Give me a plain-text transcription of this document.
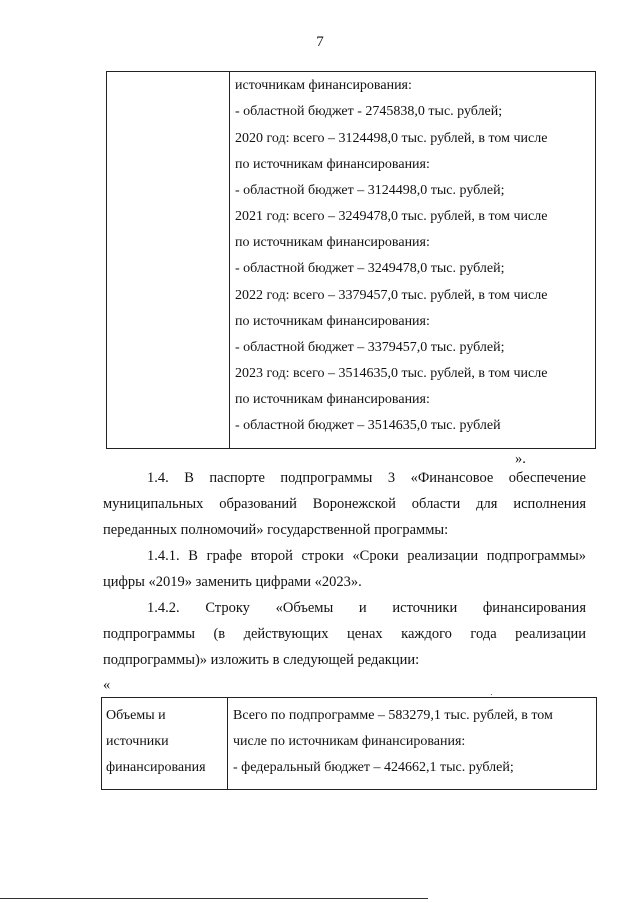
7
источникам финансирования:
- областной бюджет - 2745838,0 тыс. рублей;
2020 год: всего – 3124498,0 тыс. рублей, в том числе
по источникам финансирования:
- областной бюджет – 3124498,0 тыс. рублей;
2021 год: всего – 3249478,0 тыс. рублей, в том числе
по источникам финансирования:
- областной бюджет – 3249478,0 тыс. рублей;
2022 год: всего – 3379457,0 тыс. рублей, в том числе
по источникам финансирования:
- областной бюджет – 3379457,0 тыс. рублей;
2023 год: всего – 3514635,0 тыс. рублей, в том числе
по источникам финансирования:
- областной бюджет – 3514635,0 тыс. рублей
».
1.4. В паспорте подпрограммы 3 «Финансовое обеспечение
муниципальных образований Воронежской области для исполнения
переданных полномочий» государственной программы:
1.4.1. В графе второй строки «Сроки реализации подпрограммы»
цифры «2019» заменить цифрами «2023».
1.4.2. Строку «Объемы и источники финансирования
подпрограммы (в действующих ценах каждого года реализации
подпрограммы)» изложить в следующей редакции:
«
Объемы и
источники
финансирования
Всего по подпрограмме – 583279,1 тыс. рублей, в том
числе по источникам финансирования:
- федеральный бюджет – 424662,1 тыс. рублей;
